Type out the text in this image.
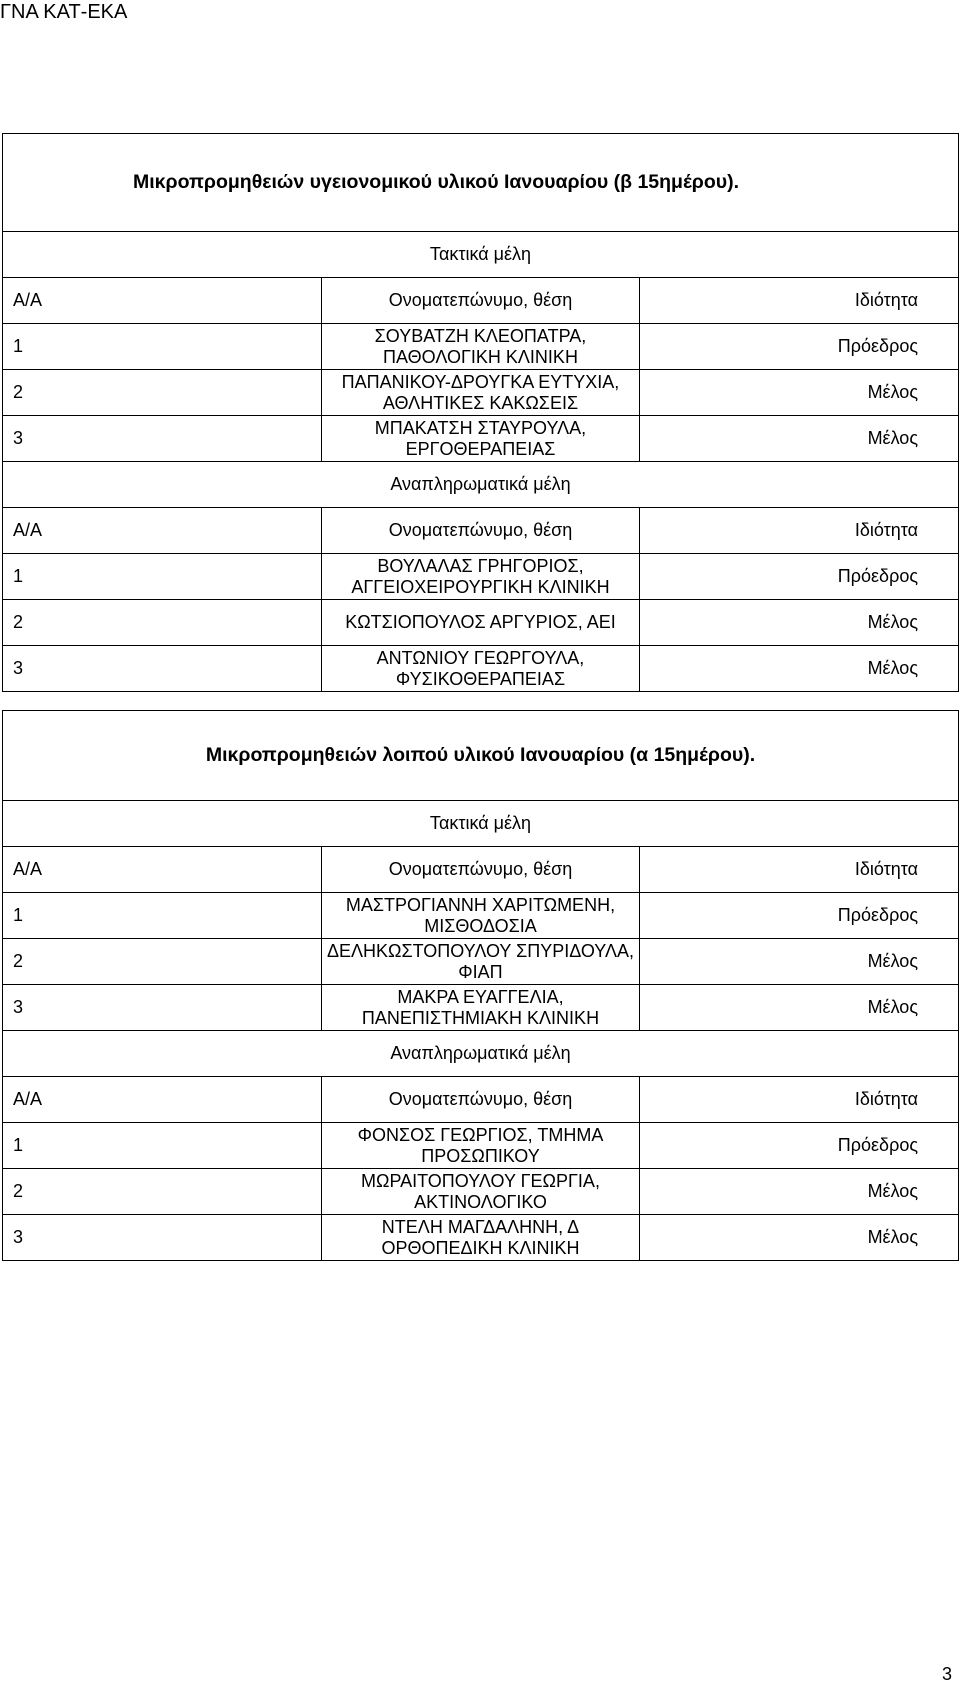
ΓΝΑ ΚΑΤ-ΕΚΑ
Μικροπρομηθειών υγειονομικού υλικού Ιανουαρίου (β 15ημέρου).		
Τακτικά μέλη		
Α/Α	Ονοματεπώνυμο, θέση	Ιδιότητα
1	ΣΟΥΒΑΤΖΗ ΚΛΕΟΠΑΤΡΑ, ΠΑΘΟΛΟΓΙΚΗ ΚΛΙΝΙΚΗ	Πρόεδρος
2	ΠΑΠΑΝΙΚΟΥ-ΔΡΟΥΓΚΑ ΕΥΤΥΧΙΑ, ΑΘΛΗΤΙΚΕΣ ΚΑΚΩΣΕΙΣ	Μέλος
3	ΜΠΑΚΑΤΣΗ ΣΤΑΥΡΟΥΛΑ, ΕΡΓΟΘΕΡΑΠΕΙΑΣ	Μέλος
Αναπληρωματικά μέλη		
Α/Α	Ονοματεπώνυμο, θέση	Ιδιότητα
1	ΒΟΥΛΑΛΑΣ ΓΡΗΓΟΡΙΟΣ, ΑΓΓΕΙΟΧΕΙΡΟΥΡΓΙΚΗ ΚΛΙΝΙΚΗ	Πρόεδρος
2	ΚΩΤΣΙΟΠΟΥΛΟΣ ΑΡΓΥΡΙΟΣ, ΑΕΙ	Μέλος
3	ΑΝΤΩΝΙΟΥ ΓΕΩΡΓΟΥΛΑ, ΦΥΣΙΚΟΘΕΡΑΠΕΙΑΣ	Μέλος
Μικροπρομηθειών λοιπού υλικού Ιανουαρίου (α 15ημέρου).		
Τακτικά μέλη		
Α/Α	Ονοματεπώνυμο, θέση	Ιδιότητα
1	ΜΑΣΤΡΟΓΙΑΝΝΗ ΧΑΡΙΤΩΜΕΝΗ, ΜΙΣΘΟΔΟΣΙΑ	Πρόεδρος
2	ΔΕΛΗΚΩΣΤΟΠΟΥΛΟΥ ΣΠΥΡΙΔΟΥΛΑ, ΦΙΑΠ	Μέλος
3	ΜΑΚΡΑ ΕΥΑΓΓΕΛΙΑ, ΠΑΝΕΠΙΣΤΗΜΙΑΚΗ ΚΛΙΝΙΚΗ	Μέλος
Αναπληρωματικά μέλη		
Α/Α	Ονοματεπώνυμο, θέση	Ιδιότητα
1	ΦΟΝΣΟΣ ΓΕΩΡΓΙΟΣ, ΤΜΗΜΑ ΠΡΟΣΩΠΙΚΟΥ	Πρόεδρος
2	ΜΩΡΑΙΤΟΠΟΥΛΟΥ ΓΕΩΡΓΙΑ, ΑΚΤΙΝΟΛΟΓΙΚΟ	Μέλος
3	ΝΤΕΛΗ ΜΑΓΔΑΛΗΝΗ, Δ ΟΡΘΟΠΕΔΙΚΗ ΚΛΙΝΙΚΗ	Μέλος
3
